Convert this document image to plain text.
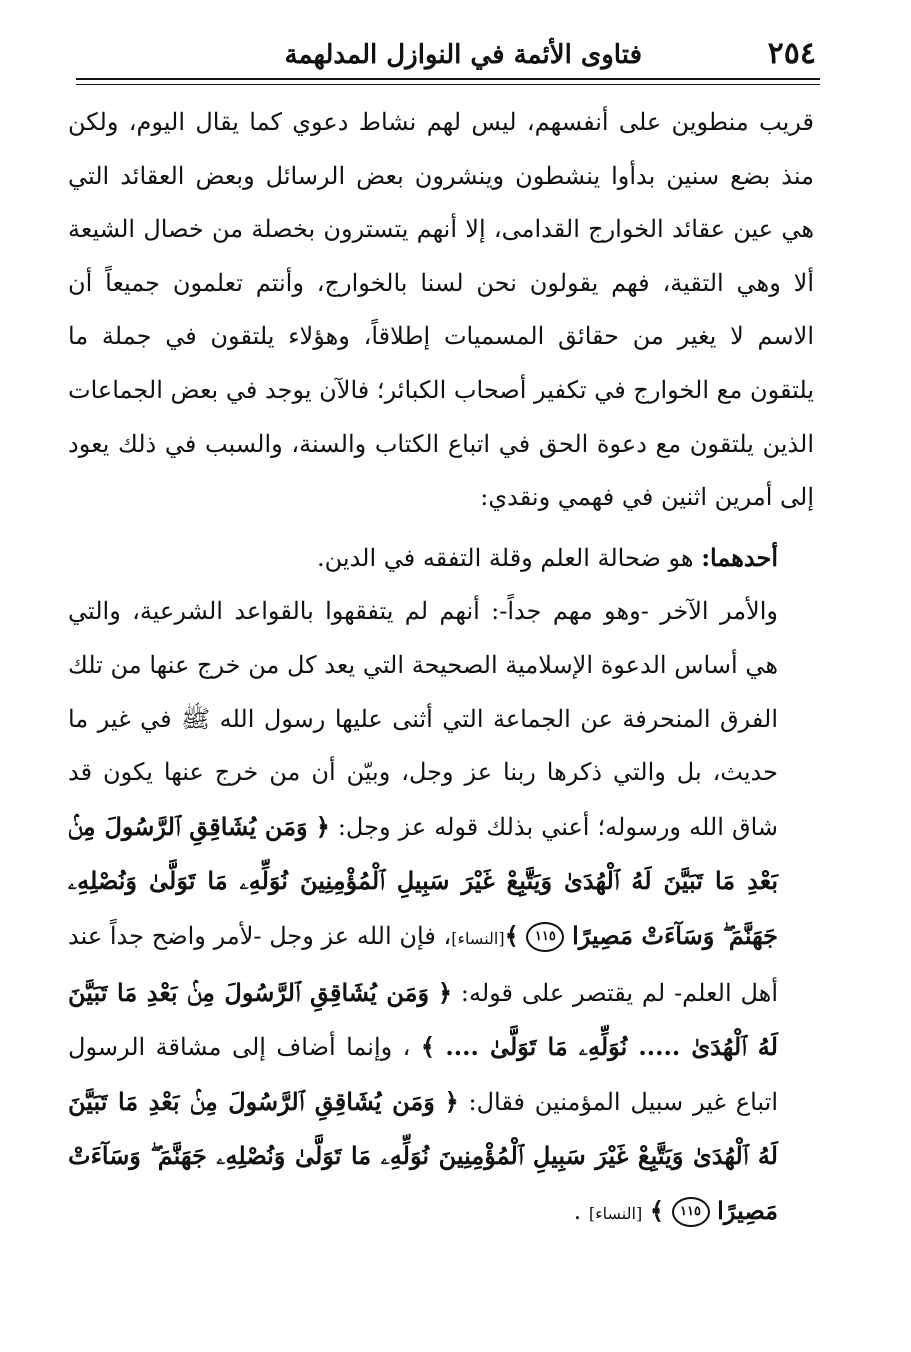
٢٥٤
فتاوى الأئمة في النوازل المدلهمة

قريب منطوين على أنفسهم، ليس لهم نشاط دعوي كما يقال اليوم، ولكن منذ بضع سنين بدأوا ينشطون وينشرون بعض الرسائل وبعض العقائد التي هي عين عقائد الخوارج القدامى، إلا أنهم يتسترون بخصلة من خصال الشيعة ألا وهي التقية، فهم يقولون نحن لسنا بالخوارج، وأنتم تعلمون جميعاً أن الاسم لا يغير من حقائق المسميات إطلاقاً، وهؤلاء يلتقون في جملة ما يلتقون مع الخوارج في تكفير أصحاب الكبائر؛ فالآن يوجد في بعض الجماعات الذين يلتقون مع دعوة الحق في اتباع الكتاب والسنة، والسبب في ذلك يعود إلى أمرين اثنين في فهمي ونقدي:

أحدهما: هو ضحالة العلم وقلة التفقه في الدين.

والأمر الآخر -وهو مهم جداً-: أنهم لم يتفقهوا بالقواعد الشرعية، والتي هي أساس الدعوة الإسلامية الصحيحة التي يعد كل من خرج عنها من تلك الفرق المنحرفة عن الجماعة التي أثنى عليها رسول الله ﷺ في غير ما حديث، بل والتي ذكرها ربنا عز وجل، وبيّن أن من خرج عنها يكون قد شاق الله ورسوله؛ أعني بذلك قوله عز وجل: ﴿ وَمَن يُشَاقِقِ ٱلرَّسُولَ مِنۢ بَعْدِ مَا تَبَيَّنَ لَهُ ٱلْهُدَىٰ وَيَتَّبِعْ غَيْرَ سَبِيلِ ٱلْمُؤْمِنِينَ نُوَلِّهِۦ مَا تَوَلَّىٰ وَنُصْلِهِۦ جَهَنَّمَ ۖ وَسَآءَتْ مَصِيرًا ١١٥ ﴾[النساء]، فإن الله عز وجل -لأمر واضح جداً عند أهل العلم- لم يقتصر على قوله: ﴿ وَمَن يُشَاقِقِ ٱلرَّسُولَ مِنۢ بَعْدِ مَا تَبَيَّنَ لَهُ ٱلْهُدَىٰ ..... نُوَلِّهِۦ مَا تَوَلَّىٰ .... ﴾ ، وإنما أضاف إلى مشاقة الرسول اتباع غير سبيل المؤمنين فقال: ﴿ وَمَن يُشَاقِقِ ٱلرَّسُولَ مِنۢ بَعْدِ مَا تَبَيَّنَ لَهُ ٱلْهُدَىٰ وَيَتَّبِعْ غَيْرَ سَبِيلِ ٱلْمُؤْمِنِينَ نُوَلِّهِۦ مَا تَوَلَّىٰ وَنُصْلِهِۦ جَهَنَّمَ ۖ وَسَآءَتْ مَصِيرًا ١١٥ ﴾ [النساء] .
